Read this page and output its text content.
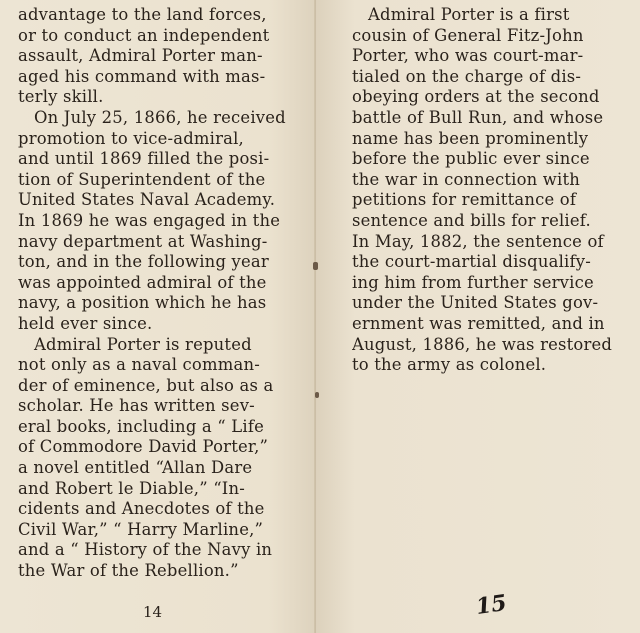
advantage to the land forces,
or to conduct an independent
assault, Admiral Porter man-
aged his command with mas-
terly skill.
On July 25, 1866, he received
promotion to vice-admiral,
and until 1869 filled the posi-
tion of Superintendent of the
United States Naval Academy.
In 1869 he was engaged in the
navy department at Washing-
ton, and in the following year
was appointed admiral of the
navy, a position which he has
held ever since.
Admiral Porter is reputed
not only as a naval comman-
der of eminence, but also as a
scholar. He has written sev-
eral books, including a “ Life
of Commodore David Porter,”
a novel entitled “Allan Dare
and Robert le Diable,” “In-
cidents and Anecdotes of the
Civil War,” “ Harry Marline,”
and a “ History of the Navy in
the War of the Rebellion.”
14
Admiral Porter is a first
cousin of General Fitz-John
Porter, who was court-mar-
tialed on the charge of dis-
obeying orders at the second
battle of Bull Run, and whose
name has been prominently
before the public ever since
the war in connection with
petitions for remittance of
sentence and bills for relief.
In May, 1882, the sentence of
the court-martial disqualify-
ing him from further service
under the United States gov-
ernment was remitted, and in
August, 1886, he was restored
to the army as colonel.
15
